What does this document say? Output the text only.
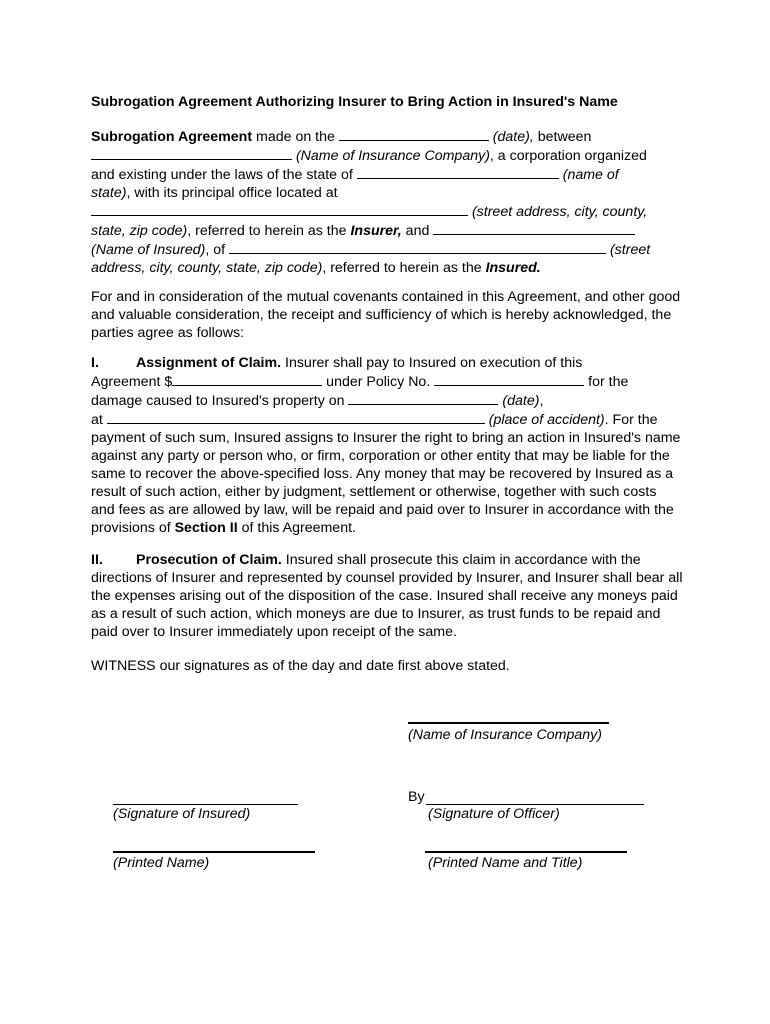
Subrogation Agreement Authorizing Insurer to Bring Action in Insured's Name

Subrogation Agreement made on the	(date), between

(Name of Insurance Company), a corporation organized

and existing under the laws of the state of	(name of

state), with its principal office located at

(street address, city, county,

state, zip code), referred to herein as the Insurer, and

(Name of Insured), of	(street

address, city, county, state, zip code), referred to herein as the Insured.

For and in consideration of the mutual covenants contained in this Agreement, and other good and valuable consideration, the receipt and sufficiency of which is hereby acknowledged, the parties agree as follows:

I.	Assignment of Claim. Insurer shall pay to Insured on execution of this

Agreement $	under Policy No.	for the

damage caused to Insured's property on	(date),

at	(place of accident). For the payment of such sum, Insured assigns to Insurer the right to bring an action in Insured's name against any party or person who, or firm, corporation or other entity that may be liable for the same to recover the above-specified loss. Any money that may be recovered by Insured as a result of such action, either by judgment, settlement or otherwise, together with such costs and fees as are allowed by law, will be repaid and paid over to Insurer in accordance with the provisions of Section II of this Agreement.

II. Prosecution of Claim. Insured shall prosecute this claim in accordance with the directions of Insurer and represented by counsel provided by Insurer, and Insurer shall bear all the expenses arising out of the disposition of the case. Insured shall receive any moneys paid as a result of such action, which moneys are due to Insurer, as trust funds to be repaid and paid over to Insurer immediately upon receipt of the same.

WITNESS our signatures as of the day and date first above stated.

(Name of Insurance Company)
(Signature of Insured)
By
(Signature of Officer)
(Printed Name)	(Printed Name and Title)
